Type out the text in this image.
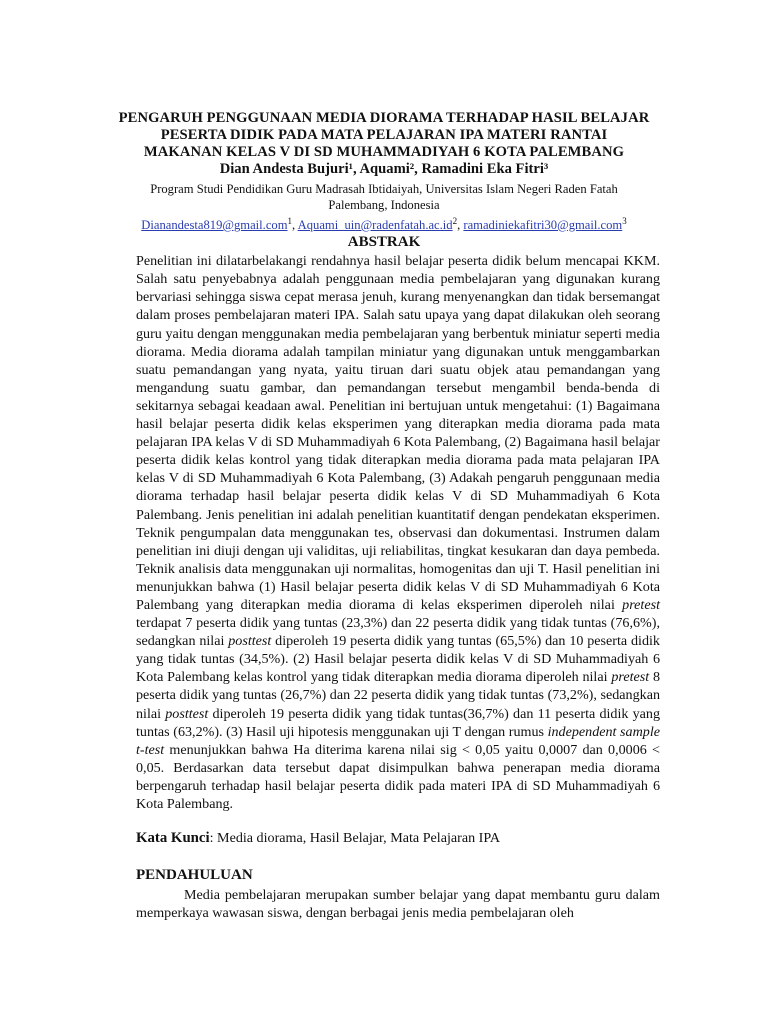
PENGARUH PENGGUNAAN MEDIA DIORAMA TERHADAP HASIL BELAJAR
PESERTA DIDIK PADA MATA PELAJARAN IPA MATERI RANTAI
MAKANAN KELAS V DI SD MUHAMMADIYAH 6 KOTA PALEMBANG
Dian Andesta Bujuri¹, Aquami², Ramadini Eka Fitri³
Program Studi Pendidikan Guru Madrasah Ibtidaiyah, Universitas Islam Negeri Raden Fatah
Palembang, Indonesia
Dianandesta819@gmail.com$^1$, $Aquami\_uin@radenfatah.ac.id^2$, ramadiniekafitri30@gmail.com$^3$
ABSTRAK
Penelitian ini dilatarbelakangi rendahnya hasil belajar peserta didik belum mencapai KKM. Salah satu penyebabnya adalah penggunaan media pembelajaran yang digunakan kurang bervariasi sehingga siswa cepat merasa jenuh, kurang menyenangkan dan tidak bersemangat dalam proses pembelajaran materi IPA. Salah satu upaya yang dapat dilakukan oleh seorang guru yaitu dengan menggunakan media pembelajaran yang berbentuk miniatur seperti media diorama. Media diorama adalah tampilan miniatur yang digunakan untuk menggambarkan suatu pemandangan yang nyata, yaitu tiruan dari suatu objek atau pemandangan yang mengandung suatu gambar, dan pemandangan tersebut mengambil benda-benda di sekitarnya sebagai keadaan awal. Penelitian ini bertujuan untuk mengetahui: (1) Bagaimana hasil belajar peserta didik kelas eksperimen yang diterapkan media diorama pada mata pelajaran IPA kelas V di SD Muhammadiyah 6 Kota Palembang, (2) Bagaimana hasil belajar peserta didik kelas kontrol yang tidak diterapkan media diorama pada mata pelajaran IPA kelas V di SD Muhammadiyah 6 Kota Palembang, (3) Adakah pengaruh penggunaan media diorama terhadap hasil belajar peserta didik kelas V di SD Muhammadiyah 6 Kota Palembang. Jenis penelitian ini adalah penelitian kuantitatif dengan pendekatan eksperimen. Teknik pengumpalan data menggunakan tes, observasi dan dokumentasi. Instrumen dalam penelitian ini diuji dengan uji validitas, uji reliabilitas, tingkat kesukaran dan daya pembeda. Teknik analisis data menggunakan uji normalitas, homogenitas dan uji T. Hasil penelitian ini menunjukkan bahwa (1) Hasil belajar peserta didik kelas V di SD Muhammadiyah 6 Kota Palembang yang diterapkan media diorama di kelas eksperimen diperoleh nilai pretest terdapat 7 peserta didik yang tuntas (23,3%) dan 22 peserta didik yang tidak tuntas (76,6%), sedangkan nilai posttest diperoleh 19 peserta didik yang tuntas (65,5%) dan 10 peserta didik yang tidak tuntas (34,5%). (2) Hasil belajar peserta didik kelas V di SD Muhammadiyah 6 Kota Palembang kelas kontrol yang tidak diterapkan media diorama diperoleh nilai pretest 8 peserta didik yang tuntas (26,7%) dan 22 peserta didik yang tidak tuntas (73,2%), sedangkan nilai posttest diperoleh 19 peserta didik yang tidak tuntas(36,7%) dan 11 peserta didik yang tuntas (63,2%). (3) Hasil uji hipotesis menggunakan uji T dengan rumus independent sample t-test menunjukkan bahwa Ha diterima karena nilai sig < 0,05 yaitu 0,0007 dan 0,0006 < 0,05. Berdasarkan data tersebut dapat disimpulkan bahwa penerapan media diorama berpengaruh terhadap hasil belajar peserta didik pada materi IPA di SD Muhammadiyah 6 Kota Palembang.
Kata Kunci: Media diorama, Hasil Belajar, Mata Pelajaran IPA
PENDAHULUAN
Media pembelajaran merupakan sumber belajar yang dapat membantu guru dalam memperkaya wawasan siswa, dengan berbagai jenis media pembelajaran oleh
